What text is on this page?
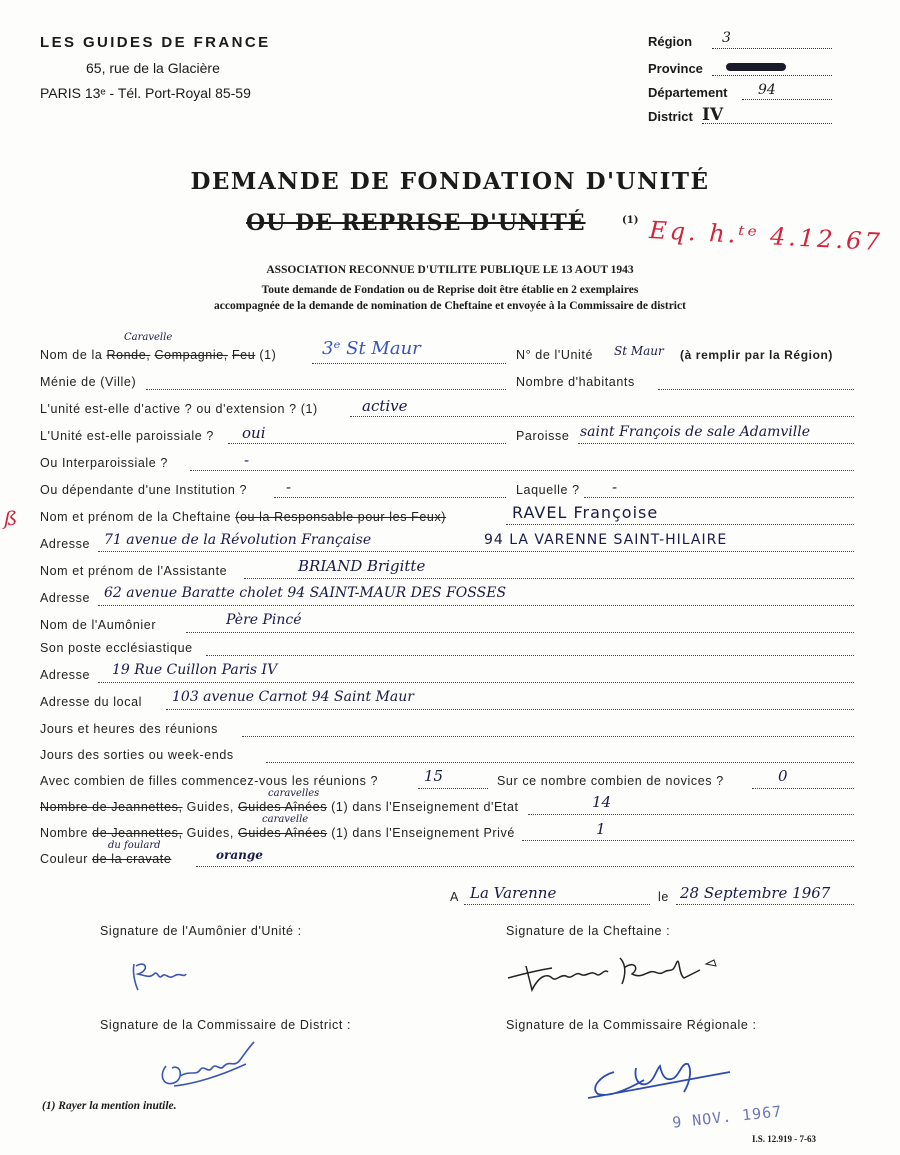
LES GUIDES DE FRANCE
65, rue de la Glacière
PARIS 13ᵉ - Tél. Port-Royal 85-59
Région 3
Province
Département 94
District IV
DEMANDE DE FONDATION D'UNITÉ
OU DE REPRISE D'UNITÉ	(1) Eq. h.ᵗᵉ 4.12.67
ASSOCIATION RECONNUE D'UTILITE PUBLIQUE LE 13 AOUT 1943
Toute demande de Fondation ou de Reprise doit être établie en 2 exemplaires
accompagnée de la demande de nomination de Cheftaine et envoyée à la Commissaire de district
ß
Caravelle
Nom de la Ronde, Compagnie, Feu (1)	3ᵉ St Maur	N° de l'Unité St Maur (à remplir par la Région)
Ménie de (Ville)	Nombre d'habitants
L'unité est-elle d'active ? ou d'extension ? (1)	active
L'Unité est-elle paroissiale ? oui	Paroisse saint François de sale Adamville
Ou Interparoissiale ?	-
Ou dépendante d'une Institution ?	-	Laquelle ? -
Nom et prénom de la Cheftaine (ou la Responsable pour les Feux)	RAVEL Françoise
Adresse 71 avenue de la Révolution Française	94 LA VARENNE SAINT-HILAIRE
Nom et prénom de l'Assistante	BRIAND Brigitte
Adresse 62 avenue Baratte cholet 94 SAINT-MAUR DES FOSSES
Nom de l'Aumônier	Père Pincé
Son poste ecclésiastique
Adresse 19 Rue Cuillon Paris IV
Adresse du local 103 avenue Carnot 94 Saint Maur
Jours et heures des réunions
Jours des sorties ou week-ends
Avec combien de filles commencez-vous les réunions ?	15	Sur ce nombre combien de novices ?	0
caravelles
Nombre de Jeannettes, Guides, Guides Aînées (1) dans l'Enseignement d'Etat	14
caravelle
Nombre de Jeannettes, Guides, Guides Aînées (1) dans l'Enseignement Privé	1
du foulard
Couleur de la cravate	orange
A La Varenne	le 28 Septembre 1967
Signature de l'Aumônier d'Unité :	Signature de la Cheftaine :
Signature de la Commissaire de District :	Signature de la Commissaire Régionale :
(1) Rayer la mention inutile.	9 NOV. 1967
I.S. 12.919 - 7-63
